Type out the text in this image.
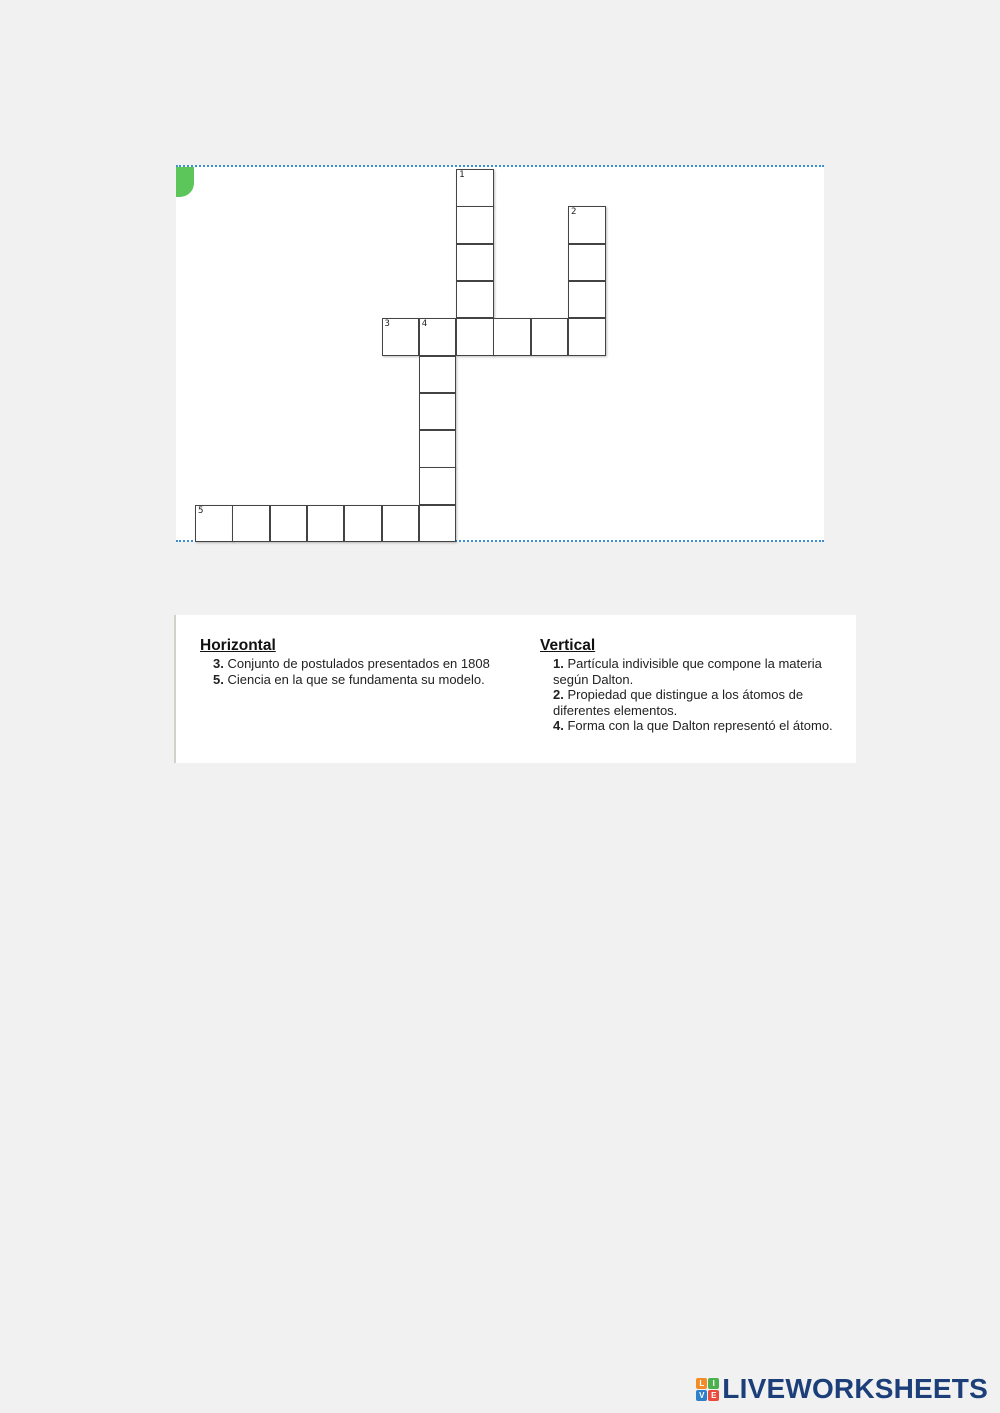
1
2
3	4
5
Horizontal
3. Conjunto de postulados presentados en 1808
5. Ciencia en la que se fundamenta su modelo.
Vertical
1. Partícula indivisible que compone la materia según Dalton.
2. Propiedad que distingue a los átomos de diferentes elementos.
4. Forma con la que Dalton representó el átomo.
L	I
V E LIVEWORKSHEETS
